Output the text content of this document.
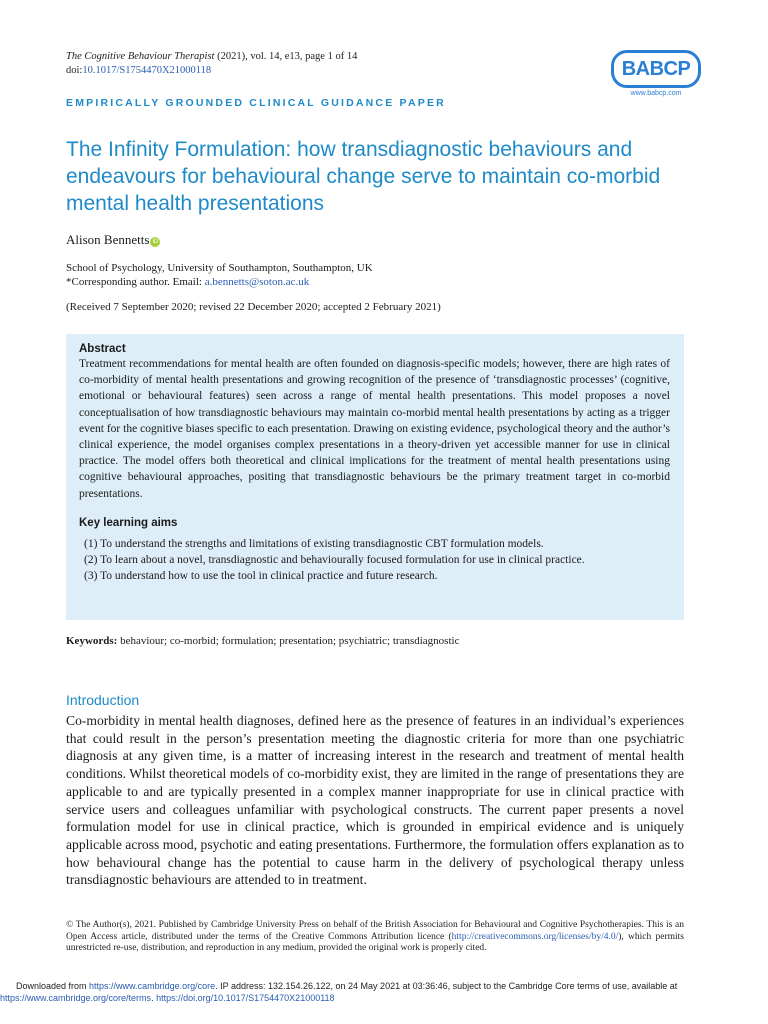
The Cognitive Behaviour Therapist (2021), vol. 14, e13, page 1 of 14
doi:10.1017/S1754470X21000118	BABCP
www.babcp.com
EMPIRICALLY GROUNDED CLINICAL GUIDANCE PAPER
The Infinity Formulation: how transdiagnostic behaviours and endeavours for behavioural change serve to maintain co-morbid mental health presentations
Alison Bennetts iD
School of Psychology, University of Southampton, Southampton, UK
*Corresponding author. Email: a.bennetts@soton.ac.uk
(Received 7 September 2020; revised 22 December 2020; accepted 2 February 2021)
Abstract
Treatment recommendations for mental health are often founded on diagnosis-specific models; however, there are high rates of co-morbidity of mental health presentations and growing recognition of the presence of ‘transdiagnostic processes’ (cognitive, emotional or behavioural features) seen across a range of mental health presentations. This model proposes a novel conceptualisation of how transdiagnostic behaviours may maintain co-morbid mental health presentations by acting as a trigger event for the cognitive biases specific to each presentation. Drawing on existing evidence, psychological theory and the author’s clinical experience, the model organises complex presentations in a theory-driven yet accessible manner for use in clinical practice. The model offers both theoretical and clinical implications for the treatment of mental health presentations using cognitive behavioural approaches, positing that transdiagnostic behaviours be the primary treatment target in co-morbid presentations.
Key learning aims
(1) To understand the strengths and limitations of existing transdiagnostic CBT formulation models.
(2) To learn about a novel, transdiagnostic and behaviourally focused formulation for use in clinical practice.
(3) To understand how to use the tool in clinical practice and future research.
Keywords: behaviour; co-morbid; formulation; presentation; psychiatric; transdiagnostic
Introduction
Co-morbidity in mental health diagnoses, defined here as the presence of features in an individual’s experiences that could result in the person’s presentation meeting the diagnostic criteria for more than one psychiatric diagnosis at any given time, is a matter of increasing interest in the research and treatment of mental health conditions. Whilst theoretical models of co-morbidity exist, they are limited in the range of presentations they are applicable to and are typically presented in a complex manner inappropriate for use in clinical practice with service users and colleagues unfamiliar with psychological constructs. The current paper presents a novel formulation model for use in clinical practice, which is grounded in empirical evidence and is uniquely applicable across mood, psychotic and eating presentations. Furthermore, the formulation offers explanation as to how behavioural change has the potential to cause harm in the delivery of psychological therapy unless transdiagnostic behaviours are attended to in treatment.
© The Author(s), 2021. Published by Cambridge University Press on behalf of the British Association for Behavioural and Cognitive Psychotherapies. This is an Open Access article, distributed under the terms of the Creative Commons Attribution licence (http://creativecommons.org/licenses/by/4.0/), which permits unrestricted re-use, distribution, and reproduction in any medium, provided the original work is properly cited.
Downloaded from https://www.cambridge.org/core. IP address: 132.154.26.122, on 24 May 2021 at 03:36:46, subject to the Cambridge Core terms of use, available at
https://www.cambridge.org/core/terms. https://doi.org/10.1017/S1754470X21000118
